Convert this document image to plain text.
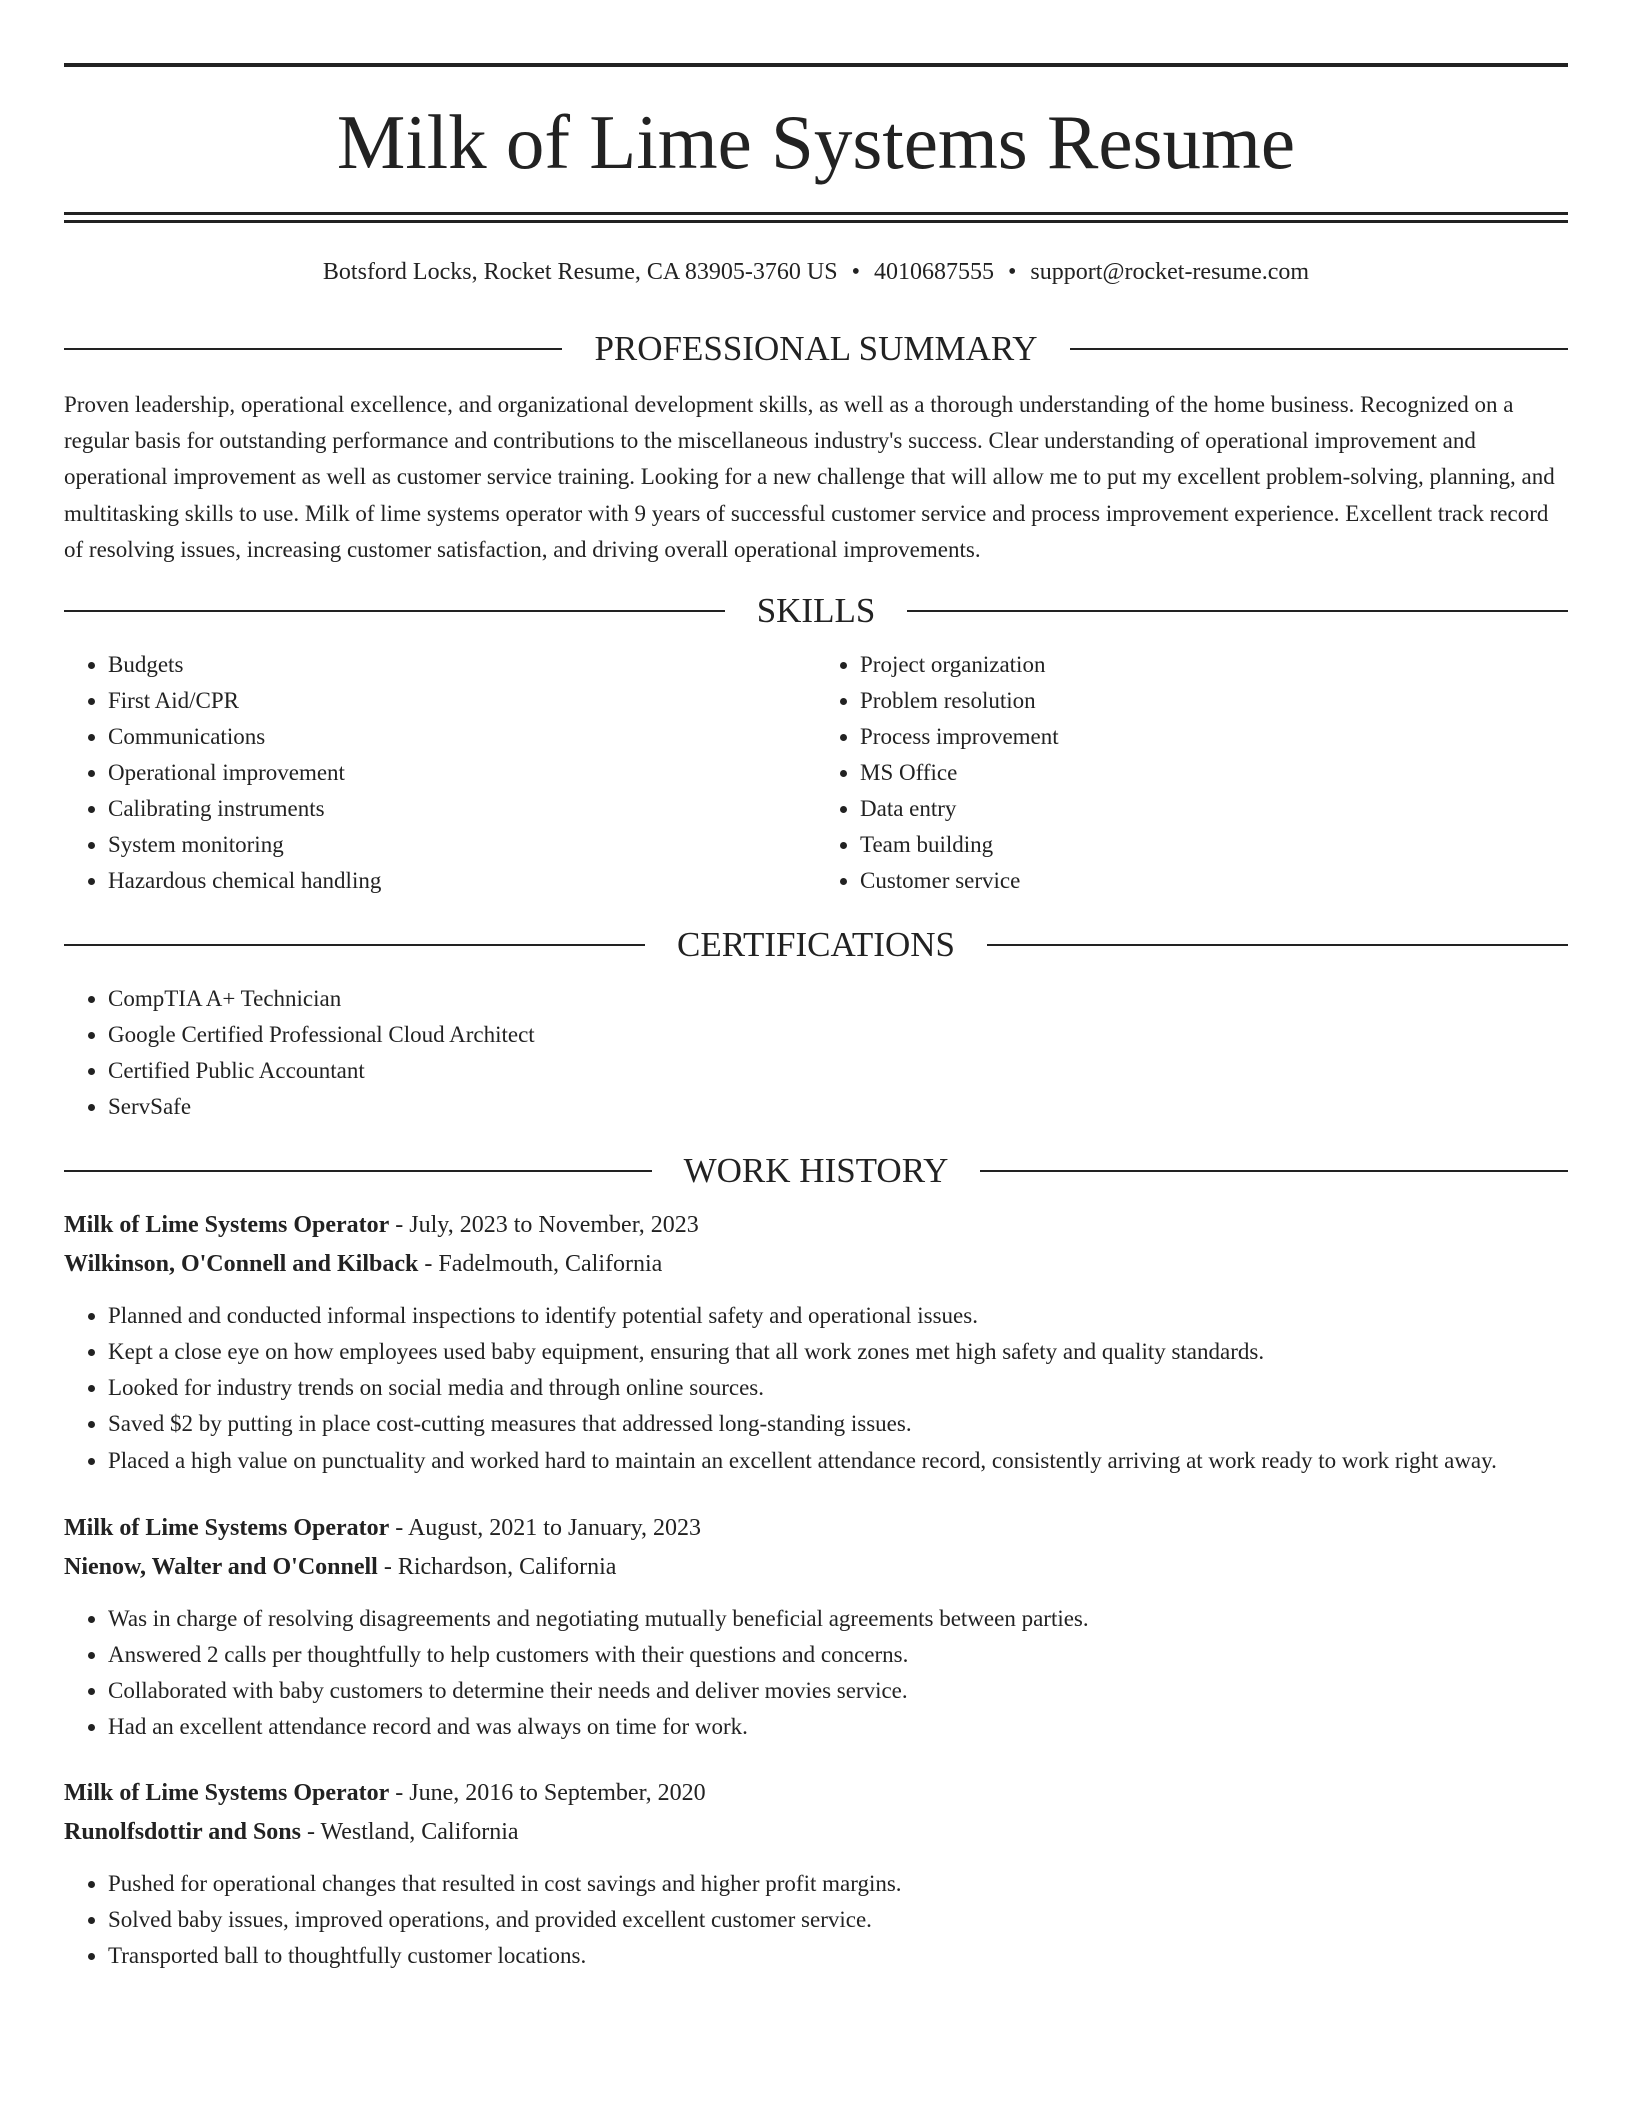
Milk of Lime Systems Resume
Botsford Locks, Rocket Resume, CA 83905-3760 US • 4010687555 • support@rocket-resume.com
PROFESSIONAL SUMMARY

Proven leadership, operational excellence, and organizational development skills, as well as a thorough understanding of the home business. Recognized on a regular basis for outstanding performance and contributions to the miscellaneous industry's success. Clear understanding of operational improvement and operational improvement as well as customer service training. Looking for a new challenge that will allow me to put my excellent problem-solving, planning, and multitasking skills to use. Milk of lime systems operator with 9 years of successful customer service and process improvement experience. Excellent track record of resolving issues, increasing customer satisfaction, and driving overall operational improvements.

SKILLS
• Budgets
• First Aid/CPR
• Communications
• Operational improvement
• Calibrating instruments
• System monitoring
• Hazardous chemical handling
• Project organization
• Problem resolution
• Process improvement
• MS Office
• Data entry
• Team building
• Customer service
CERTIFICATIONS
• CompTIA A+ Technician
• Google Certified Professional Cloud Architect
• Certified Public Accountant
• ServSafe
WORK HISTORY
Milk of Lime Systems Operator - July, 2023 to November, 2023
Wilkinson, O'Connell and Kilback - Fadelmouth, California
• Planned and conducted informal inspections to identify potential safety and operational issues.
• Kept a close eye on how employees used baby equipment, ensuring that all work zones met high safety and quality standards.
• Looked for industry trends on social media and through online sources.
• Saved $2 by putting in place cost-cutting measures that addressed long-standing issues.
• Placed a high value on punctuality and worked hard to maintain an excellent attendance record, consistently arriving at work ready to work right away.
Milk of Lime Systems Operator - August, 2021 to January, 2023
Nienow, Walter and O'Connell - Richardson, California
• Was in charge of resolving disagreements and negotiating mutually beneficial agreements between parties.
• Answered 2 calls per thoughtfully to help customers with their questions and concerns.
• Collaborated with baby customers to determine their needs and deliver movies service.
• Had an excellent attendance record and was always on time for work.
Milk of Lime Systems Operator - June, 2016 to September, 2020
Runolfsdottir and Sons - Westland, California
• Pushed for operational changes that resulted in cost savings and higher profit margins.
• Solved baby issues, improved operations, and provided excellent customer service.
• Transported ball to thoughtfully customer locations.
